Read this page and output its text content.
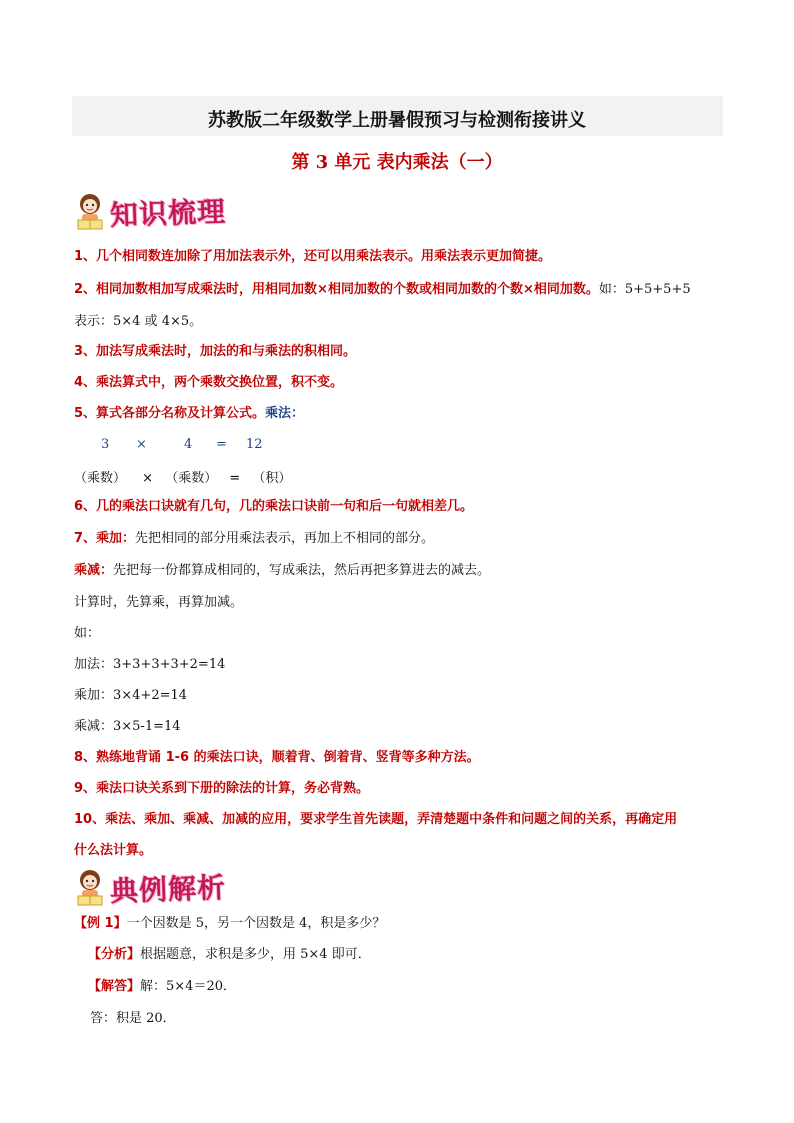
苏教版二年级数学上册暑假预习与检测衔接讲义
第 3 单元 表内乘法（一）
知识梳理
1、几个相同数连加除了用加法表示外，还可以用乘法表示。用乘法表示更加简捷。
2、相同加数相加写成乘法时，用相同加数×相同加数的个数或相同加数的个数×相同加数。如：5+5+5+5
表示：5×4 或 4×5。
3、加法写成乘法时，加法的和与乘法的积相同。
4、乘法算式中，两个乘数交换位置，积不变。
5、算式各部分名称及计算公式。乘法：
3 ×	4 = 12
（乘数） × （乘数） = （积）
6、几的乘法口诀就有几句，几的乘法口诀前一句和后一句就相差几。
7、乘加：先把相同的部分用乘法表示，再加上不相同的部分。
乘减：先把每一份都算成相同的，写成乘法，然后再把多算进去的减去。
计算时，先算乘，再算加减。
如：
加法：3+3+3+3+2=14
乘加：3×4+2=14
乘减：3×5-1=14
8、熟练地背诵 1-6 的乘法口诀，顺着背、倒着背、竖背等多种方法。
9、乘法口诀关系到下册的除法的计算，务必背熟。
10、乘法、乘加、乘减、加减的应用，要求学生首先读题，弄清楚题中条件和问题之间的关系，再确定用
什么法计算。
典例解析
【例 1】一个因数是 5，另一个因数是 4，积是多少？
【分析】根据题意，求积是多少，用 5×4 即可．
【解答】解：5×4＝20．
答：积是 20．
